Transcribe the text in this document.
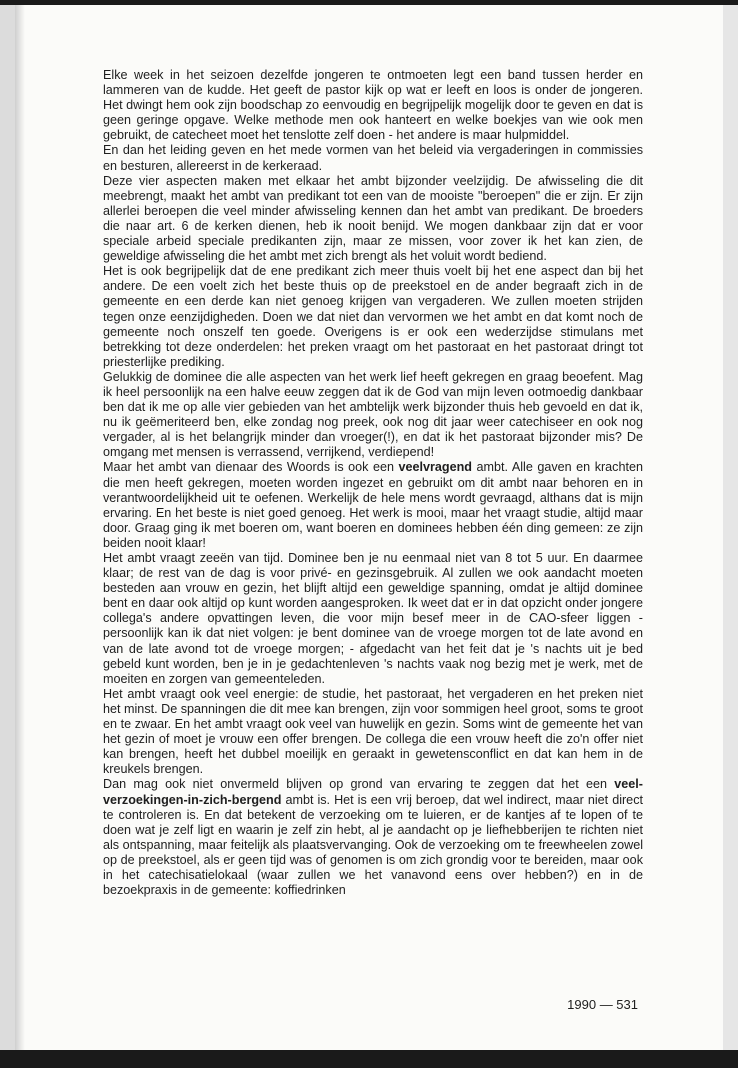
Elke week in het seizoen dezelfde jongeren te ontmoeten legt een band tussen herder en lammeren van de kudde. Het geeft de pastor kijk op wat er leeft en loos is onder de jongeren. Het dwingt hem ook zijn boodschap zo eenvoudig en begrijpelijk mogelijk door te geven en dat is geen geringe opgave. Welke methode men ook hanteert en welke boekjes van wie ook men gebruikt, de catecheet moet het tenslotte zelf doen - het andere is maar hulpmiddel.

En dan het leiding geven en het mede vormen van het beleid via vergaderingen in commissies en besturen, allereerst in de kerkeraad.

Deze vier aspecten maken met elkaar het ambt bijzonder veelzijdig. De afwisseling die dit meebrengt, maakt het ambt van predikant tot een van de mooiste "beroepen" die er zijn. Er zijn allerlei beroepen die veel minder afwisseling kennen dan het ambt van predikant. De broeders die naar art. 6 de kerken dienen, heb ik nooit benijd. We mogen dankbaar zijn dat er voor speciale arbeid speciale predikanten zijn, maar ze missen, voor zover ik het kan zien, de geweldige afwisseling die het ambt met zich brengt als het voluit wordt bediend.

Het is ook begrijpelijk dat de ene predikant zich meer thuis voelt bij het ene aspect dan bij het andere. De een voelt zich het beste thuis op de preekstoel en de ander begraaft zich in de gemeente en een derde kan niet genoeg krijgen van vergaderen. We zullen moeten strijden tegen onze eenzijdigheden. Doen we dat niet dan vervormen we het ambt en dat komt noch de gemeente noch onszelf ten goede. Overigens is er ook een wederzijdse stimulans met betrekking tot deze onderdelen: het preken vraagt om het pastoraat en het pastoraat dringt tot priesterlijke prediking.

Gelukkig de dominee die alle aspecten van het werk lief heeft gekregen en graag beoefent. Mag ik heel persoonlijk na een halve eeuw zeggen dat ik de God van mijn leven ootmoedig dankbaar ben dat ik me op alle vier gebieden van het ambtelijk werk bijzonder thuis heb gevoeld en dat ik, nu ik geëmeriteerd ben, elke zondag nog preek, ook nog dit jaar weer catechiseer en ook nog vergader, al is het belangrijk minder dan vroeger(!), en dat ik het pastoraat bijzonder mis? De omgang met mensen is verrassend, verrijkend, verdiepend!

Maar het ambt van dienaar des Woords is ook een veelvragend ambt. Alle gaven en krachten die men heeft gekregen, moeten worden ingezet en gebruikt om dit ambt naar behoren en in verantwoordelijkheid uit te oefenen. Werkelijk de hele mens wordt gevraagd, althans dat is mijn ervaring. En het beste is niet goed genoeg. Het werk is mooi, maar het vraagt studie, altijd maar door. Graag ging ik met boeren om, want boeren en dominees hebben één ding gemeen: ze zijn beiden nooit klaar!

Het ambt vraagt zeeën van tijd. Dominee ben je nu eenmaal niet van 8 tot 5 uur. En daarmee klaar; de rest van de dag is voor privé- en gezinsgebruik. Al zullen we ook aandacht moeten besteden aan vrouw en gezin, het blijft altijd een geweldige spanning, omdat je altijd dominee bent en daar ook altijd op kunt worden aangesproken. Ik weet dat er in dat opzicht onder jongere collega's andere opvattingen leven, die voor mijn besef meer in de CAO-sfeer liggen - persoonlijk kan ik dat niet volgen: je bent dominee van de vroege morgen tot de late avond en van de late avond tot de vroege morgen; - afgedacht van het feit dat je 's nachts uit je bed gebeld kunt worden, ben je in je gedachtenleven 's nachts vaak nog bezig met je werk, met de moeiten en zorgen van gemeenteleden.

Het ambt vraagt ook veel energie: de studie, het pastoraat, het vergaderen en het preken niet het minst. De spanningen die dit mee kan brengen, zijn voor sommigen heel groot, soms te groot en te zwaar. En het ambt vraagt ook veel van huwelijk en gezin. Soms wint de gemeente het van het gezin of moet je vrouw een offer brengen. De collega die een vrouw heeft die zo'n offer niet kan brengen, heeft het dubbel moeilijk en geraakt in gewetensconflict en dat kan hem in de kreukels brengen.

Dan mag ook niet onvermeld blijven op grond van ervaring te zeggen dat het een veel-verzoekingen-in-zich-bergend ambt is. Het is een vrij beroep, dat wel indirect, maar niet direct te controleren is. En dat betekent de verzoeking om te luieren, er de kantjes af te lopen of te doen wat je zelf ligt en waarin je zelf zin hebt, al je aandacht op je liefhebberijen te richten niet als ontspanning, maar feitelijk als plaatsvervanging. Ook de verzoeking om te freewheelen zowel op de preekstoel, als er geen tijd was of genomen is om zich grondig voor te bereiden, maar ook in het catechisatielokaal (waar zullen we het vanavond eens over hebben?) en in de bezoekpraxis in de gemeente: koffiedrinken

1990 — 531
